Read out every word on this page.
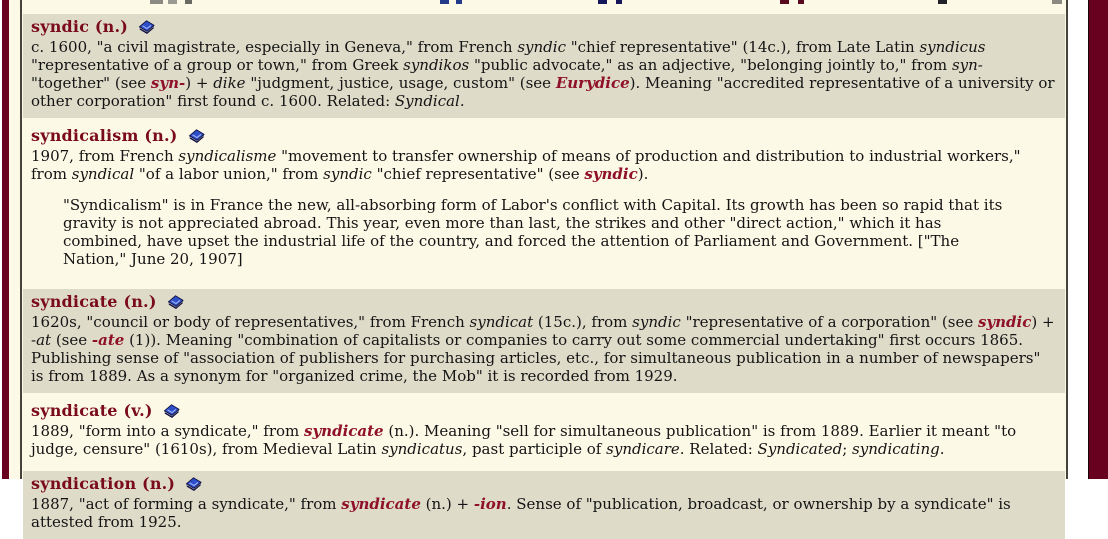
syndic (n.)
c. 1600, "a civil magistrate, especially in Geneva," from French syndic "chief representative" (14c.), from Late Latin syndicus "representative of a group or town," from Greek syndikos "public advocate," as an adjective, "belonging jointly to," from syn- "together" (see syn-) + dike "judgment, justice, usage, custom" (see Eurydice). Meaning "accredited representative of a university or other corporation" first found c. 1600. Related: Syndical.
syndicalism (n.)
1907, from French syndicalisme "movement to transfer ownership of means of production and distribution to industrial workers," from syndical "of a labor union," from syndic "chief representative" (see syndic).
"Syndicalism" is in France the new, all-absorbing form of Labor's conflict with Capital. Its growth has been so rapid that its gravity is not appreciated abroad. This year, even more than last, the strikes and other "direct action," which it has combined, have upset the industrial life of the country, and forced the attention of Parliament and Government. ["The Nation," June 20, 1907]
syndicate (n.)
1620s, "council or body of representatives," from French syndicat (15c.), from syndic "representative of a corporation" (see syndic) + -at (see -ate (1)). Meaning "combination of capitalists or companies to carry out some commercial undertaking" first occurs 1865. Publishing sense of "association of publishers for purchasing articles, etc., for simultaneous publication in a number of newspapers" is from 1889. As a synonym for "organized crime, the Mob" it is recorded from 1929.
syndicate (v.)
1889, "form into a syndicate," from syndicate (n.). Meaning "sell for simultaneous publication" is from 1889. Earlier it meant "to judge, censure" (1610s), from Medieval Latin syndicatus, past participle of syndicare. Related: Syndicated; syndicating.
syndication (n.)
1887, "act of forming a syndicate," from syndicate (n.) + -ion. Sense of "publication, broadcast, or ownership by a syndicate" is attested from 1925.
